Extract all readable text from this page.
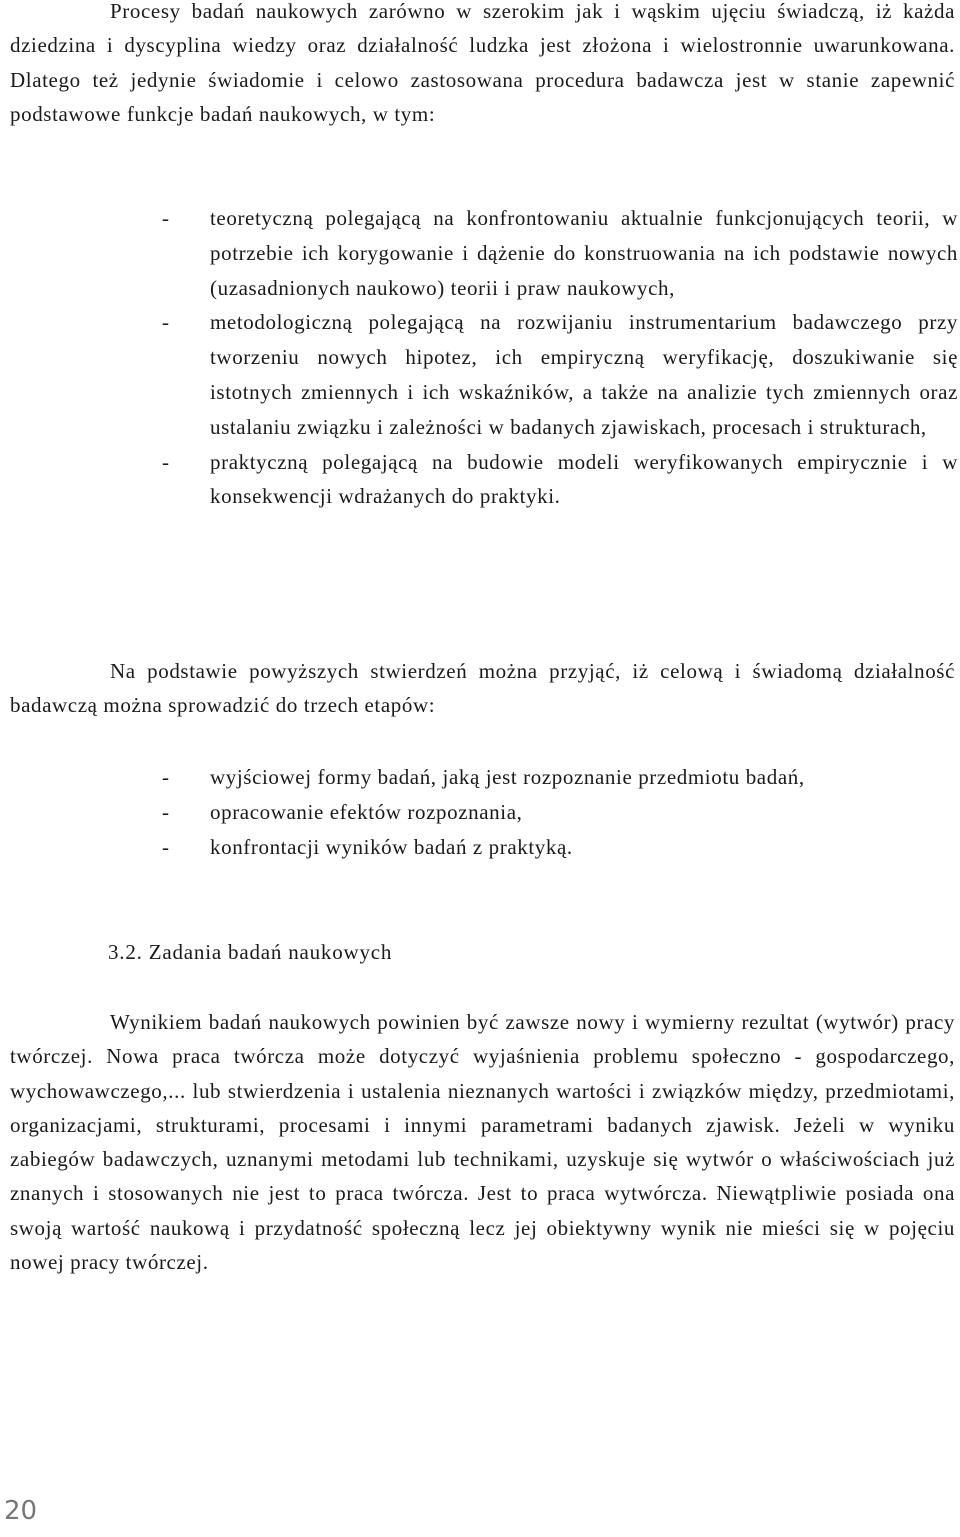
Procesy badań naukowych zarówno w szerokim jak i wąskim ujęciu świadczą, iż każda dziedzina i dyscyplina wiedzy oraz działalność ludzka jest złożona i wielostronnie uwarunkowana. Dlatego też jedynie świadomie i celowo zastosowana procedura badawcza jest w stanie zapewnić podstawowe funkcje badań naukowych, w tym:

- teoretyczną polegającą na konfrontowaniu aktualnie funkcjonujących teorii, w potrzebie ich korygowanie i dążenie do konstruowania na ich podstawie nowych (uzasadnionych naukowo) teorii i praw naukowych,
- metodologiczną polegającą na rozwijaniu instrumentarium badawczego przy tworzeniu nowych hipotez, ich empiryczną weryfikację, doszukiwanie się istotnych zmiennych i ich wskaźników, a także na analizie tych zmiennych oraz ustalaniu związku i zależności w badanych zjawiskach, procesach i strukturach,
- praktyczną polegającą na budowie modeli weryfikowanych empirycznie i w konsekwencji wdrażanych do praktyki.

Na podstawie powyższych stwierdzeń można przyjąć, iż celową i świadomą działalność badawczą można sprowadzić do trzech etapów:

- wyjściowej formy badań, jaką jest rozpoznanie przedmiotu badań,
- opracowanie efektów rozpoznania,
- konfrontacji wyników badań z praktyką.
3.2. Zadania badań naukowych

Wynikiem badań naukowych powinien być zawsze nowy i wymierny rezultat (wytwór) pracy twórczej. Nowa praca twórcza może dotyczyć wyjaśnienia problemu społeczno - gospodarczego, wychowawczego,... lub stwierdzenia i ustalenia nieznanych wartości i związków między, przedmiotami, organizacjami, strukturami, procesami i innymi parametrami badanych zjawisk. Jeżeli w wyniku zabiegów badawczych, uznanymi metodami lub technikami, uzyskuje się wytwór o właściwościach już znanych i stosowanych nie jest to praca twórcza. Jest to praca wytwórcza. Niewątpliwie posiada ona swoją wartość naukową i przydatność społeczną lecz jej obiektywny wynik nie mieści się w pojęciu nowej pracy twórczej.

20
